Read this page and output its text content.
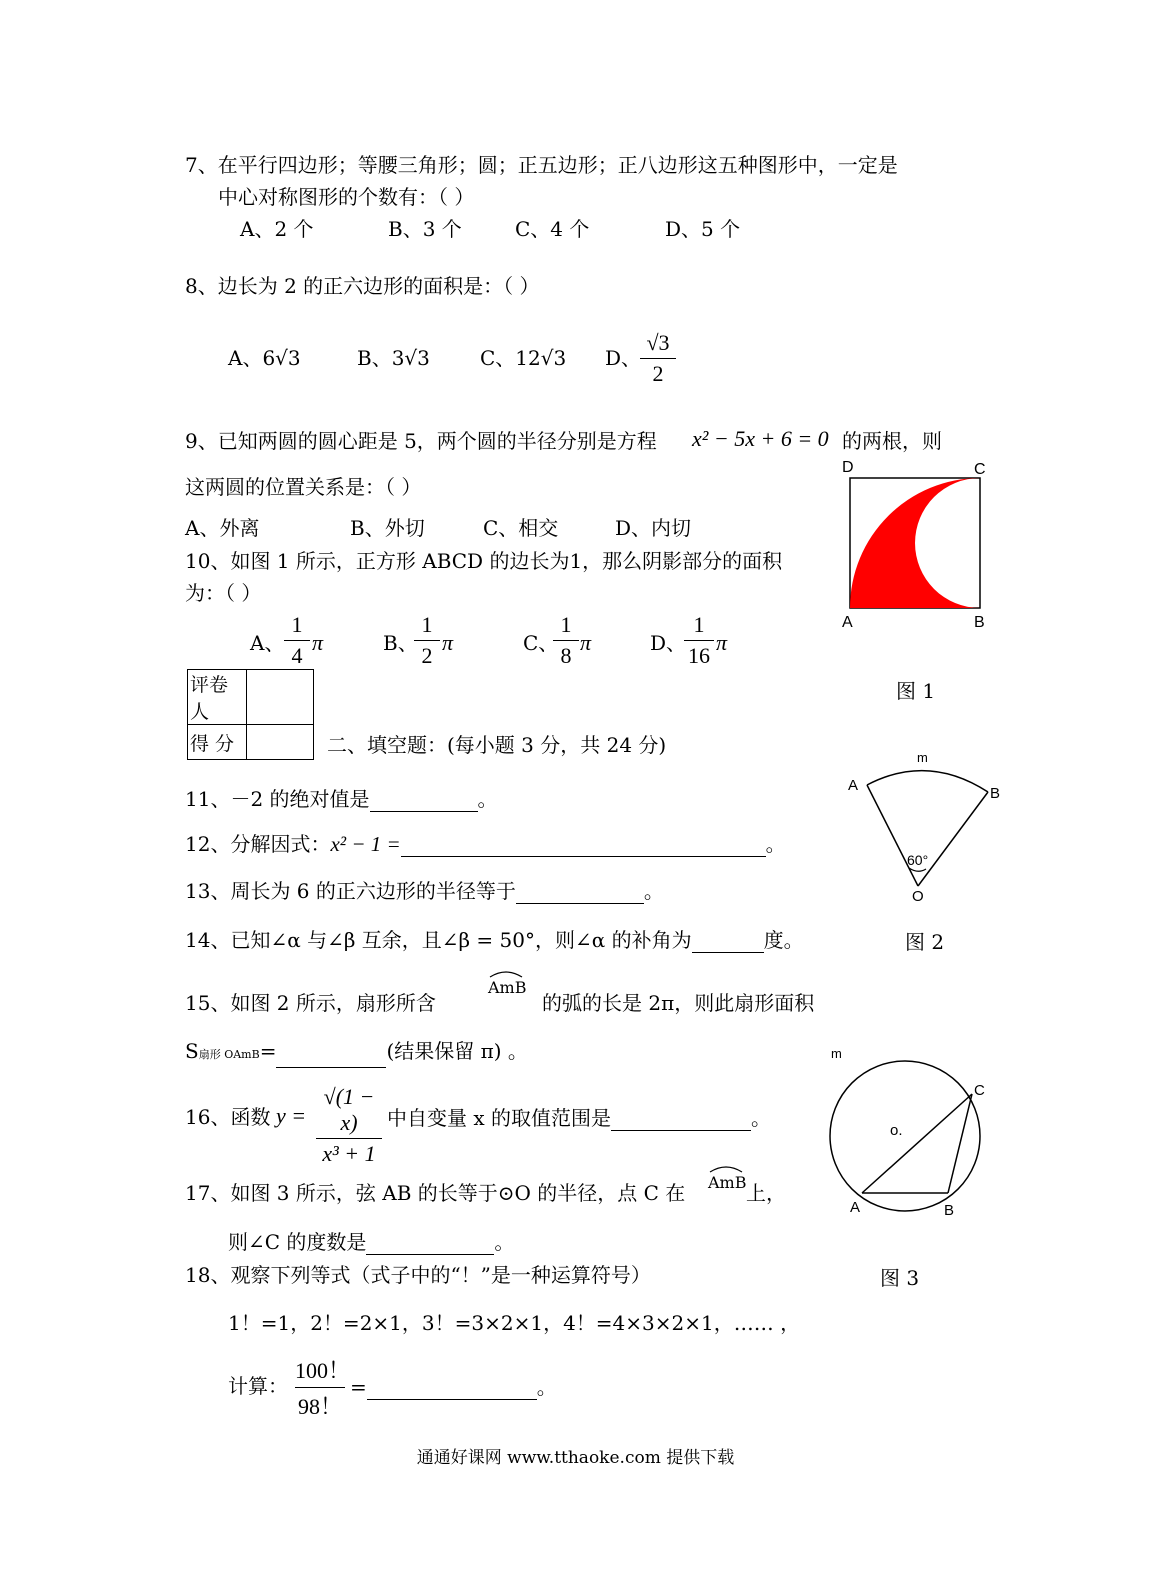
7、在平行四边形；等腰三角形；圆；正五边形；正八边形这五种图形中，一定是
中心对称图形的个数有：（ ）
A、2 个	B、3 个	C、4 个	D、5 个
8、边长为 2 的正六边形的面积是：（ ）
A、6√3	B、3√3	C、12√3 D、
√3
2
9、已知两圆的圆心距是 5，两个圆的半径分别是方程 x² − 5x + 6 = 0 的两根，则
这两圆的位置关系是：（ ）
A、外离	B、外切	C、相交	D、内切
10、如图 1 所示，正方形 ABCD 的边长为1，那么阴影部分的面积
为：（ ）
A、
1
4
π	B、
1
2
π	C、
1
8
π	D、
1
16
π
D	C
A	B
图 1
评卷人	
得 分		二、填空题：(每小题 3 分，共 24 分)
11、－2 的绝对值是	。
12、分解因式：x² − 1 =	。
13、周长为 6 的正六边形的半径等于	。
14、已知∠α 与∠β 互余，且∠β = 50°，则∠α 的补角为	度。
A	B
m
60°
O
图 2
15、如图 2 所示，扇形所含
AmB
的弧的长是 2π，则此扇形面积
S扇形 OAmB=	(结果保留 π) 。
16、函数 y =
√(1 − x)
x³ + 1
中自变量 x 的取值范围是	。
m
C
o.
A	B
17、如图 3 所示，弦 AB 的长等于⊙O 的半径，点 C 在 AmB 上，
则∠C 的度数是	。
18、观察下列等式（式子中的“！”是一种运算符号）	图 3
1！=1，2！=2×1，3！=3×2×1，4！=4×3×2×1，…… ，
计算：
100！
98！
=	。
通通好课网 www.tthaoke.com 提供下载
